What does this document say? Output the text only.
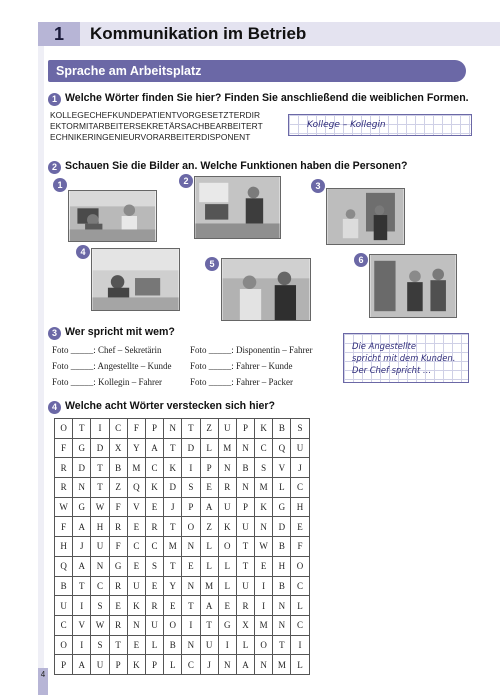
1	Kommunikation im Betrieb
Sprache am Arbeitsplatz
1 Welche Wörter finden Sie hier? Finden Sie anschließend die weiblichen Formen.
KOLLEGECHEFKUNDEPATIENTVORGESETZTERDIR
EKTORMITARBEITERSEKRETÄRSACHBEARBEITERT
ECHNIKERINGENIEURVORARBEITERDISPONENT
Kollege – Kollegin
2 Schauen Sie die Bilder an. Welche Funktionen haben die Personen?
1	2	3
4
5	6
3 Wer spricht mit wem?
Foto _____: Chef – Sekretärin
Foto _____: Angestellte – Kunde
Foto _____: Kollegin – Fahrer
Foto _____: Disponentin – Fahrer
Foto _____: Fahrer – Kunde
Foto _____: Fahrer – Packer
Die Angestellte
spricht mit dem Kunden.
Der Chef spricht …
4 Welche acht Wörter verstecken sich hier?
O	T	I	C	F	P	N	T	Z	U	P	K	B	S
F	G	D	X	Y	A	T	D	L	M	N	C	Q	U
R	D	T	B	M	C	K	I	P	N	B	S	V	J
R	N	T	Z	Q	K	D	S	E	R	N	M	L	C
W	G	W	F	V	E	J	P	A	U	P	K	G	H
F	A	H	R	E	R	T	O	Z	K	U	N	D	E
H	J	U	F	C	C	M	N	L	O	T	W	B	F
Q	A	N	G	E	S	T	E	L	L	T	E	H	O
B	T	C	R	U	E	Y	N	M	L	U	I	B	C
U	I	S	E	K	R	E	T	A	E	R	I	N	L
C	V	W	R	N	U	O	I	T	G	X	M	N	C
O	I	S	T	E	L	B	N	U	I	L	O	T	I
P	A	U	P	K	P	L	C	J	N	A	N	M	L
4
